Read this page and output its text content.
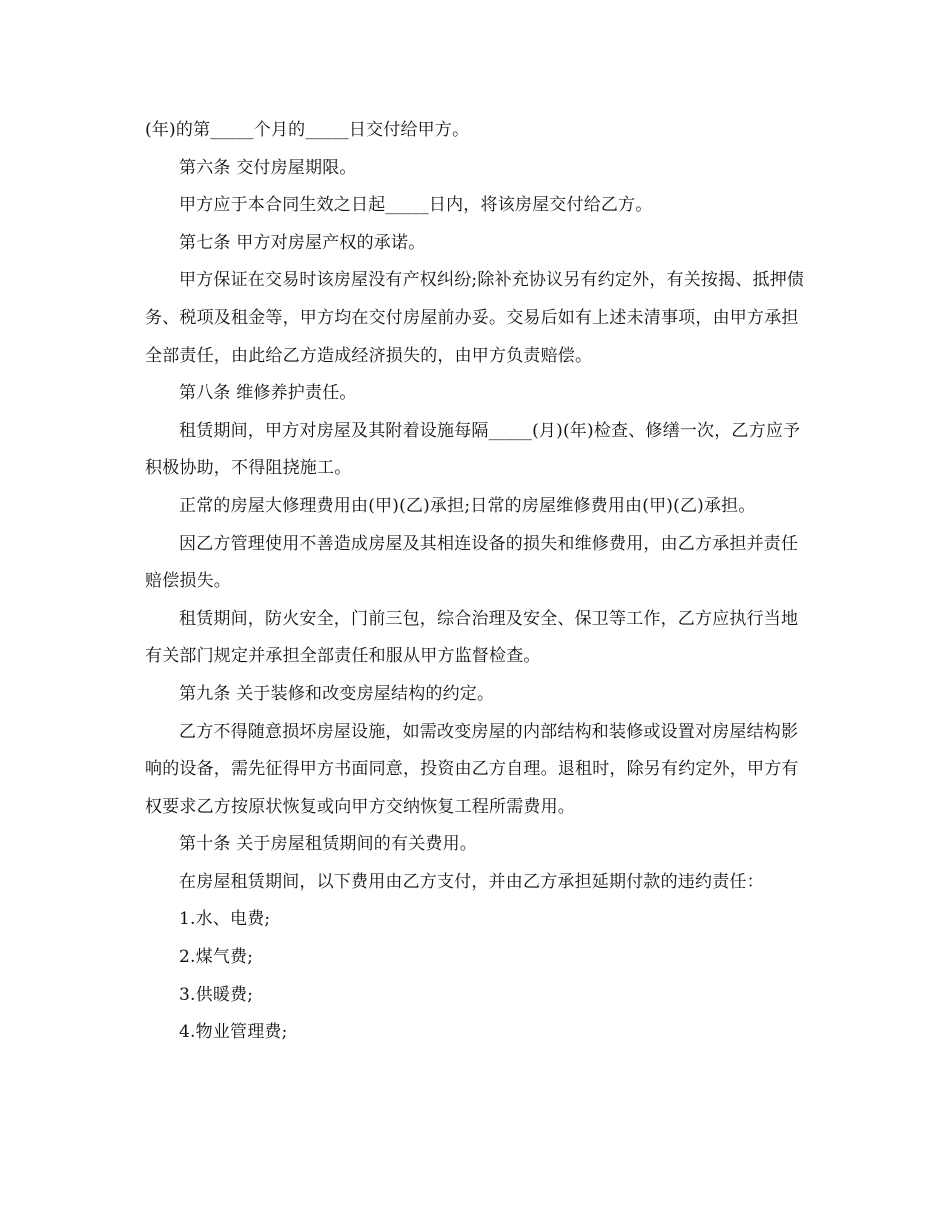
(年)的第_____个月的_____日交付给甲方。

第六条 交付房屋期限。

甲方应于本合同生效之日起_____日内，将该房屋交付给乙方。

第七条 甲方对房屋产权的承诺。

甲方保证在交易时该房屋没有产权纠纷;除补充协议另有约定外，有关按揭、抵押债务、税项及租金等，甲方均在交付房屋前办妥。交易后如有上述未清事项，由甲方承担全部责任，由此给乙方造成经济损失的，由甲方负责赔偿。

第八条 维修养护责任。

租赁期间，甲方对房屋及其附着设施每隔_____(月)(年)检查、修缮一次，乙方应予积极协助，不得阻挠施工。

正常的房屋大修理费用由(甲)(乙)承担;日常的房屋维修费用由(甲)(乙)承担。

因乙方管理使用不善造成房屋及其相连设备的损失和维修费用，由乙方承担并责任赔偿损失。

租赁期间，防火安全，门前三包，综合治理及安全、保卫等工作，乙方应执行当地有关部门规定并承担全部责任和服从甲方监督检查。

第九条 关于装修和改变房屋结构的约定。

乙方不得随意损坏房屋设施，如需改变房屋的内部结构和装修或设置对房屋结构影响的设备，需先征得甲方书面同意，投资由乙方自理。退租时，除另有约定外，甲方有权要求乙方按原状恢复或向甲方交纳恢复工程所需费用。

第十条 关于房屋租赁期间的有关费用。

在房屋租赁期间，以下费用由乙方支付，并由乙方承担延期付款的违约责任：

1.水、电费;

2.煤气费;

3.供暖费;

4.物业管理费;
